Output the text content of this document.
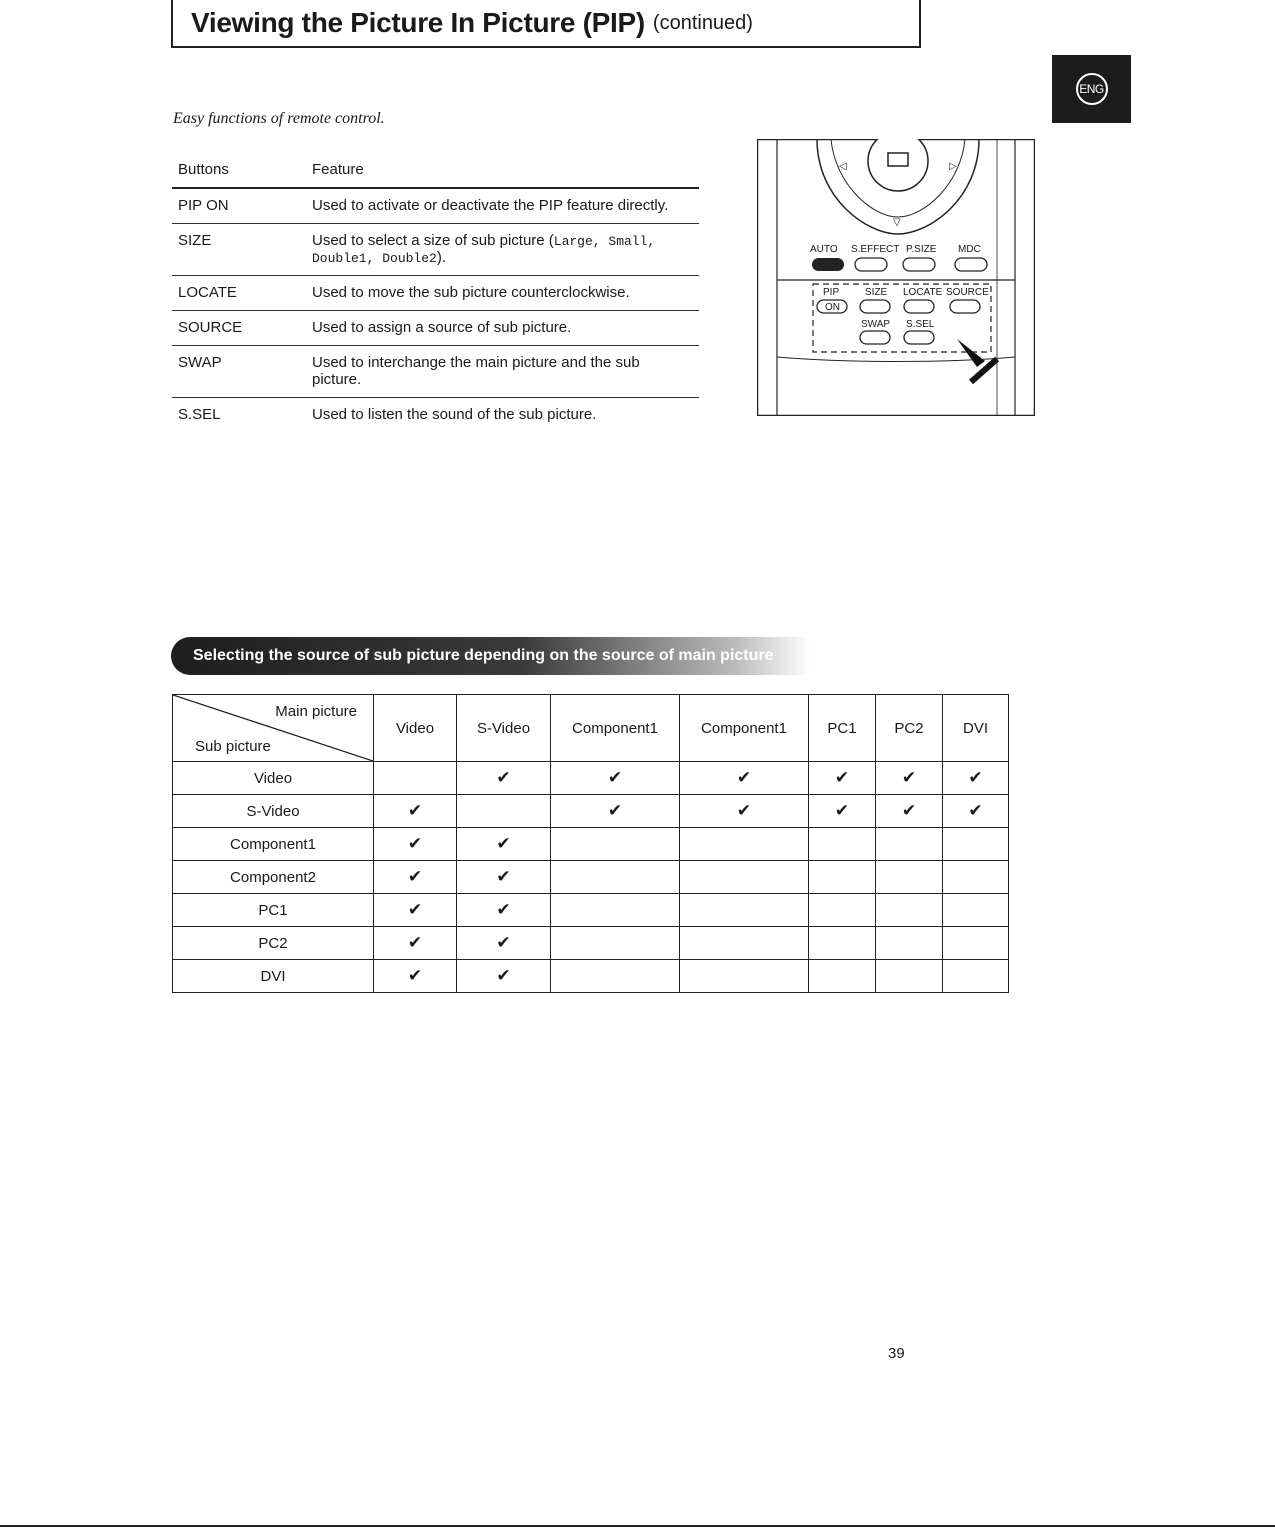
Viewing the Picture In Picture (PIP) (continued)
ENG
Easy functions of remote control.
Buttons	Feature
PIP ON	Used to activate or deactivate the PIP feature directly.
SIZE	Used to select a size of sub picture (Large, Small, Double1, Double2).
LOCATE	Used to move the sub picture counterclockwise.
SOURCE	Used to assign a source of sub picture.
SWAP	Used to interchange the main picture and the sub picture.
S.SEL	Used to listen the sound of the sub picture.
◁	▷
▽
AUTO S.EFFECT P.SIZE MDC
PIP	SIZE LOCATE SOURCE
ON
SWAP S.SEL
Selecting the source of sub picture depending on the source of main picture
Main picture
Sub picture	Video	S-Video	Component1	Component1	PC1	PC2	DVI
Video		✔	✔	✔	✔	✔	✔
S-Video	✔		✔	✔	✔	✔	✔
Component1	✔	✔					
Component2	✔	✔					
PC1	✔	✔					
PC2	✔	✔					
DVI	✔	✔					
39
